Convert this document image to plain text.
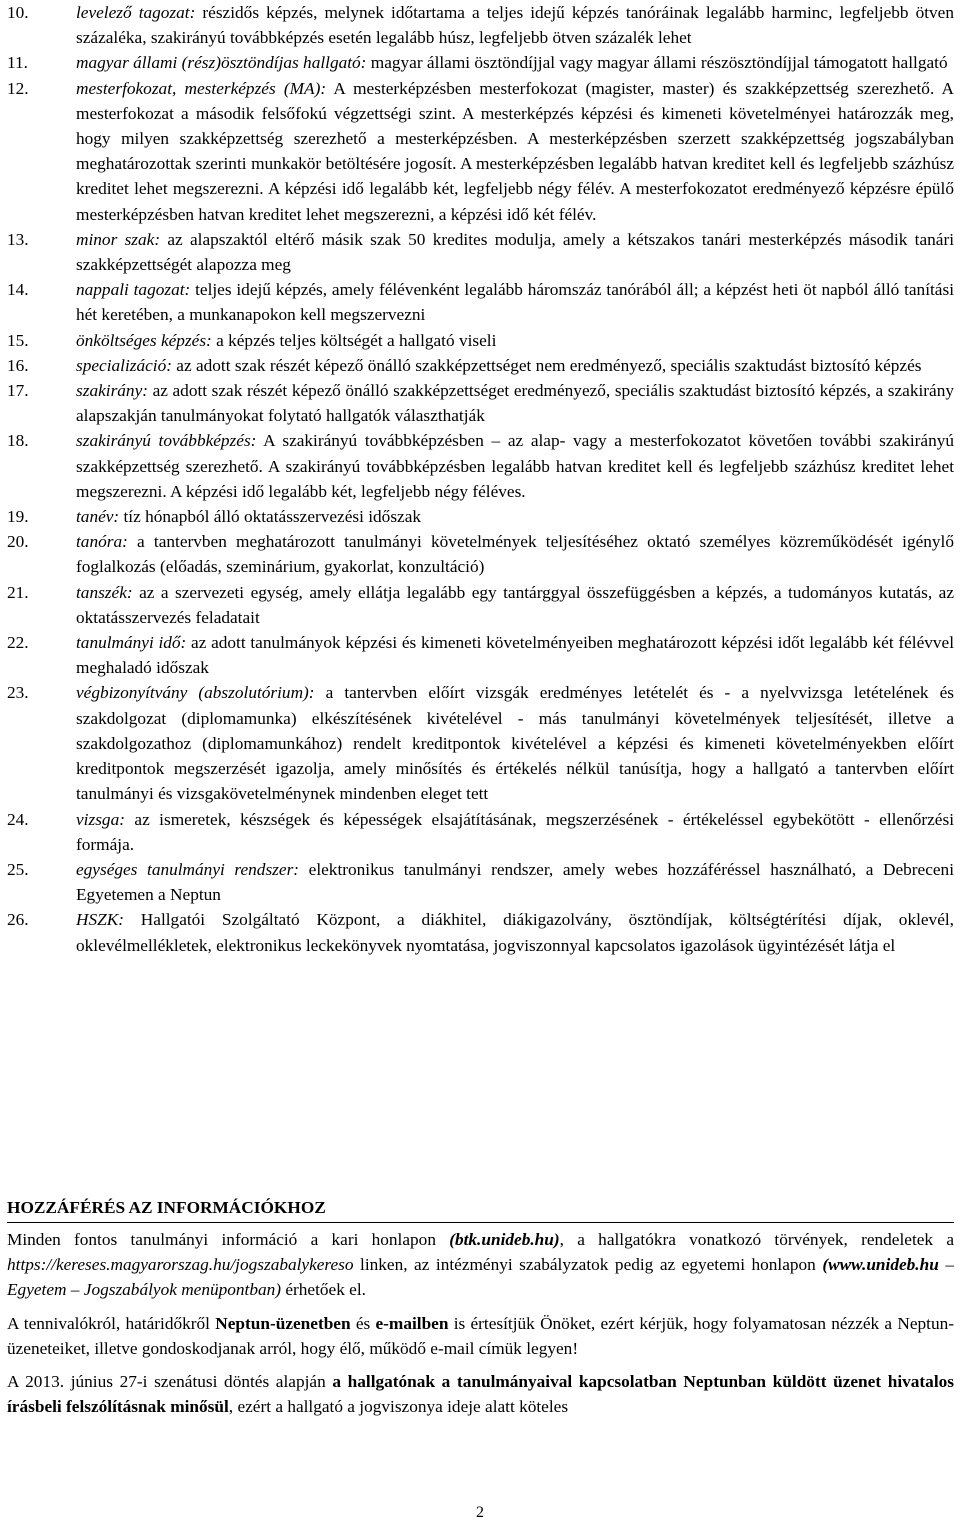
10.	levelező tagozat: részidős képzés, melynek időtartama a teljes idejű képzés tanóráinak legalább harminc, legfeljebb ötven százaléka, szakirányú továbbképzés esetén legalább húsz, legfeljebb ötven százalék lehet
11.	magyar állami (rész)ösztöndíjas hallgató: magyar állami ösztöndíjjal vagy magyar állami részösztöndíjjal támogatott hallgató
12.	mesterfokozat, mesterképzés (MA): A mesterképzésben mesterfokozat (magister, master) és szakképzettség szerezhető. A mesterfokozat a második felsőfokú végzettségi szint. A mesterképzés képzési és kimeneti követelményei határozzák meg, hogy milyen szakképzettség szerezhető a mesterképzésben. A mesterképzésben szerzett szakképzettség jogszabályban meghatározottak szerinti munkakör betöltésére jogosít. A mesterképzésben legalább hatvan kreditet kell és legfeljebb százhúsz kreditet lehet megszerezni. A képzési idő legalább két, legfeljebb négy félév. A mesterfokozatot eredményező képzésre épülő mesterképzésben hatvan kreditet lehet megszerezni, a képzési idő két félév.
13.	minor szak: az alapszaktól eltérő másik szak 50 kredites modulja, amely a kétszakos tanári mesterképzés második tanári szakképzettségét alapozza meg
14.	nappali tagozat: teljes idejű képzés, amely félévenként legalább háromszáz tanórából áll; a képzést heti öt napból álló tanítási hét keretében, a munkanapokon kell megszervezni
15.	önköltséges képzés: a képzés teljes költségét a hallgató viseli
16.	specializáció: az adott szak részét képező önálló szakképzettséget nem eredményező, speciális szaktudást biztosító képzés
17.	szakirány: az adott szak részét képező önálló szakképzettséget eredményező, speciális szaktudást biztosító képzés, a szakirány alapszakján tanulmányokat folytató hallgatók választhatják
18.	szakirányú továbbképzés: A szakirányú továbbképzésben – az alap- vagy a mesterfokozatot követően további szakirányú szakképzettség szerezhető. A szakirányú továbbképzésben legalább hatvan kreditet kell és legfeljebb százhúsz kreditet lehet megszerezni. A képzési idő legalább két, legfeljebb négy féléves.
19.	tanév: tíz hónapból álló oktatásszervezési időszak
20.	tanóra: a tantervben meghatározott tanulmányi követelmények teljesítéséhez oktató személyes közreműködését igénylő foglalkozás (előadás, szeminárium, gyakorlat, konzultáció)
21.	tanszék: az a szervezeti egység, amely ellátja legalább egy tantárggyal összefüggésben a képzés, a tudományos kutatás, az oktatásszervezés feladatait
22.	tanulmányi idő: az adott tanulmányok képzési és kimeneti követelményeiben meghatározott képzési időt legalább két félévvel meghaladó időszak
23.	végbizonyítvány (abszolutórium): a tantervben előírt vizsgák eredményes letételét és - a nyelvvizsga letételének és szakdolgozat (diplomamunka) elkészítésének kivételével - más tanulmányi követelmények teljesítését, illetve a szakdolgozathoz (diplomamunkához) rendelt kreditpontok kivételével a képzési és kimeneti követelményekben előírt kreditpontok megszerzését igazolja, amely minősítés és értékelés nélkül tanúsítja, hogy a hallgató a tantervben előírt tanulmányi és vizsgakövetelménynek mindenben eleget tett
24.	vizsga: az ismeretek, készségek és képességek elsajátításának, megszerzésének - értékeléssel egybekötött - ellenőrzési formája.
25.	egységes tanulmányi rendszer: elektronikus tanulmányi rendszer, amely webes hozzáféréssel használható, a Debreceni Egyetemen a Neptun
26.	HSZK: Hallgatói Szolgáltató Központ, a diákhitel, diákigazolvány, ösztöndíjak, költségtérítési díjak, oklevél, oklevélmellékletek, elektronikus leckekönyvek nyomtatása, jogviszonnyal kapcsolatos igazolások ügyintézését látja el
HOZZÁFÉRÉS AZ INFORMÁCIÓKHOZ

Minden fontos tanulmányi információ a kari honlapon (btk.unideb.hu), a hallgatókra vonatkozó törvények, rendeletek a https://kereses.magyarorszag.hu/jogszabalykereso linken, az intézményi szabályzatok pedig az egyetemi honlapon (www.unideb.hu – Egyetem – Jogszabályok menüpontban) érhetőek el.

A tennivalókról, határidőkről Neptun-üzenetben és e-mailben is értesítjük Önöket, ezért kérjük, hogy folyamatosan nézzék a Neptun-üzeneteiket, illetve gondoskodjanak arról, hogy élő, működő e-mail címük legyen!

A 2013. június 27-i szenátusi döntés alapján a hallgatónak a tanulmányaival kapcsolatban Neptunban küldött üzenet hivatalos írásbeli felszólításnak minősül, ezért a hallgató a jogviszonya ideje alatt köteles

2
